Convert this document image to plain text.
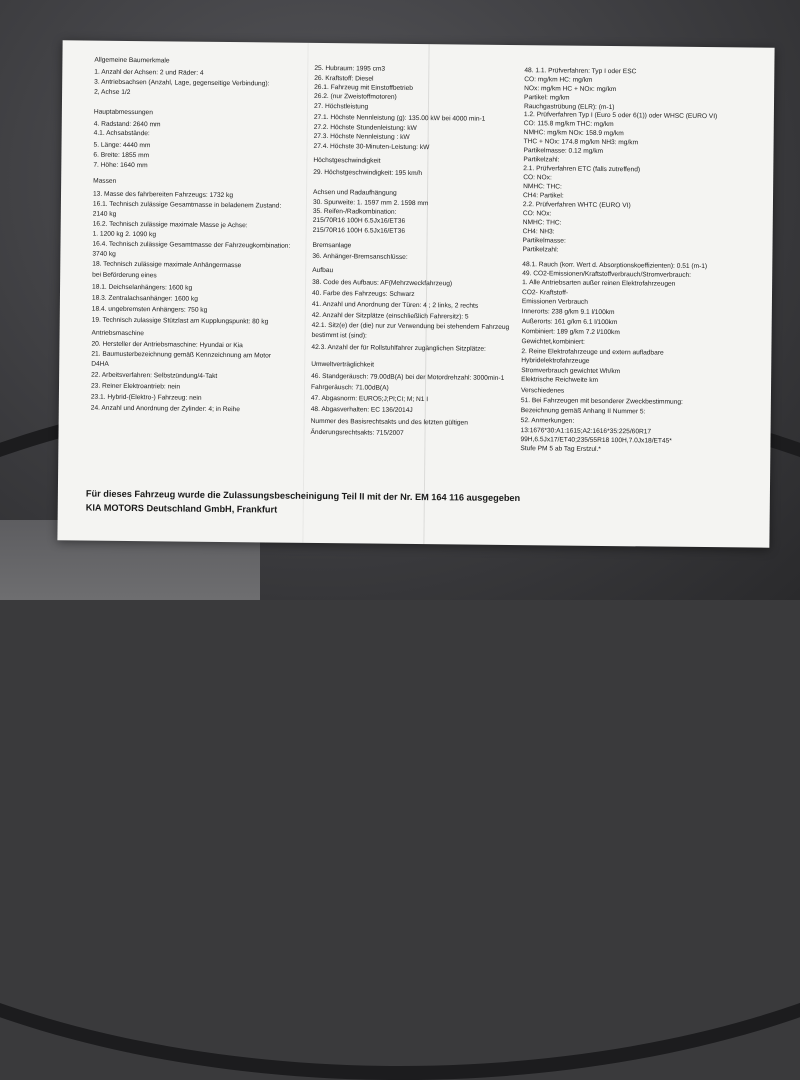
Allgemeine Baumerkmale
1. Anzahl der Achsen: 2 und Räder: 4
3. Antriebsachsen (Anzahl, Lage, gegenseitige Verbindung):
2, Achse 1/2
Hauptabmessungen
4. Radstand: 2640 mm
4.1. Achsabstände:
5. Länge: 4440 mm
6. Breite: 1855 mm
7. Höhe: 1640 mm
Massen
13. Masse des fahrbereiten Fahrzeugs: 1732 kg
16.1. Technisch zulässige Gesamtmasse in beladenem Zustand:
2140 kg
16.2. Technisch zulässige maximale Masse je Achse:
1. 1200 kg 2. 1090 kg
16.4. Technisch zulässige Gesamtmasse der Fahrzeugkombination:
3740 kg
18. Technisch zulässige maximale Anhängermasse
bei Beförderung eines
18.1. Deichselanhängers: 1600 kg
18.3. Zentralachsanhänger: 1600 kg
18.4. ungebremsten Anhängers: 750 kg
19. Technisch zulassige Stützlast am Kupplungspunkt: 80 kg
Antriebsmaschine
20. Hersteller der Antriebsmaschine: Hyundai or Kia
21. Baumusterbezeichnung gemäß Kennzeichnung am Motor
D4HA
22. Arbeitsverfahren: Selbstzündung/4-Takt
23. Reiner Elektroantrieb: nein
23.1. Hybrid-(Elektro-) Fahrzeug: nein
24. Anzahl und Anordnung der Zylinder: 4; in Reihe
25. Hubraum: 1995 cm3
26. Kraftstoff: Diesel
26.1. Fahrzeug mit Einstoffbetrieb
26.2. (nur Zweistoffmotoren)
27. Höchstleistung
27.1. Höchste Nennleistung (g): 135.00 kW bei 4000 min-1
27.2. Höchste Stundenleistung: kW
27.3. Höchste Nennleistung : kW
27.4. Höchste 30-Minuten-Leistung: kW
Höchstgeschwindigkeit
29. Höchstgeschwindigkeit: 195 km/h
Achsen und Radaufhängung
30. Spurweite: 1. 1597 mm 2. 1598 mm
35. Reifen-/Radkombination:
215/70R16 100H 6.5Jx16/ET36
215/70R16 100H 6.5Jx16/ET36
Bremsanlage
36. Anhänger-Bremsanschlüsse:
Aufbau
38. Code des Aufbaus: AF(Mehrzweckfahrzeug)
40. Farbe des Fahrzeugs: Schwarz
41. Anzahl und Anordnung der Türen: 4 ; 2 links, 2 rechts
42. Anzahl der Sitzplätze (einschließlich Fahrersitz): 5
42.1. Sitz(e) der (die) nur zur Verwendung bei stehendem Fahrzeug
bestimmt ist (sind):
42.3. Anzahl der für Rollstuhlfahrer zugänglichen Sitzplätze:
Umweltverträglichkeit
46. Standgeräusch: 79.00dB(A) bei der Motordrehzahl: 3000min-1
Fahrgeräusch: 71.00dB(A)
47. Abgasnorm: EURO5;J;PI;CI; M; N1 I
48. Abgasverhalten: EC 136/2014J
Nummer des Basisrechtsakts und des letzten gültigen
Änderungsrechtsakts: 715/2007
48. 1.1. Prüfverfahren: Typ I oder ESC
CO: mg/km HC: mg/km
NOx: mg/km HC + NOx: mg/km
Partikel: mg/km
Rauchgastrübung (ELR): (m-1)
1.2. Prüfverfahren Typ I (Euro 5 oder 6(1)) oder WHSC (EURO VI)
CO: 115.8 mg/km THC: mg/km
NMHC: mg/km NOx: 158.9 mg/km
THC + NOx: 174.8 mg/km NH3: mg/km
Partikelmasse: 0.12 mg/km
Partikelzahl:
2.1. Prüfverfahren ETC (falls zutreffend)
CO: NOx:
NMHC: THC:
CH4: Partikel:
2.2. Prüfverfahren WHTC (EURO VI)
CO: NOx:
NMHC: THC:
CH4: NH3:
Partikelmasse:
Partikelzahl:
48.1. Rauch (korr. Wert d. Absorptionskoeffizienten): 0.51 (m-1)
49. CO2-Emissionen/Kraftstoffverbrauch/Stromverbrauch:
1. Alle Antriebsarten außer reinen Elektrofahrzeugen
CO2- Kraftstoff-
Emissionen Verbrauch
Innerorts: 238 g/km 9.1 l/100km
Außerorts: 161 g/km 6.1 l/100km
Kombiniert: 189 g/km 7.2 l/100km
Gewichtet,kombiniert:
2. Reine Elektrofahrzeuge und extern aufladbare
Hybridelektrofahrzeuge
Stromverbrauch gewichtet Wh/km
Elektrische Reichweite km
Verschiedenes
51. Bei Fahrzeugen mit besonderer Zweckbestimmung:
Bezeichnung gemäß Anhang II Nummer 5:
52. Anmerkungen:
13:1676*30:A1:1615;A2:1616*35:225/60R17
99H,6.5Jx17/ET40;235/55R18 100H,7.0Jx18/ET45*
Stufe PM 5 ab Tag Erstzul.*
Für dieses Fahrzeug wurde die Zulassungsbescheinigung Teil II mit der Nr. EM 164 116 ausgegeben
KIA MOTORS Deutschland GmbH, Frankfurt
